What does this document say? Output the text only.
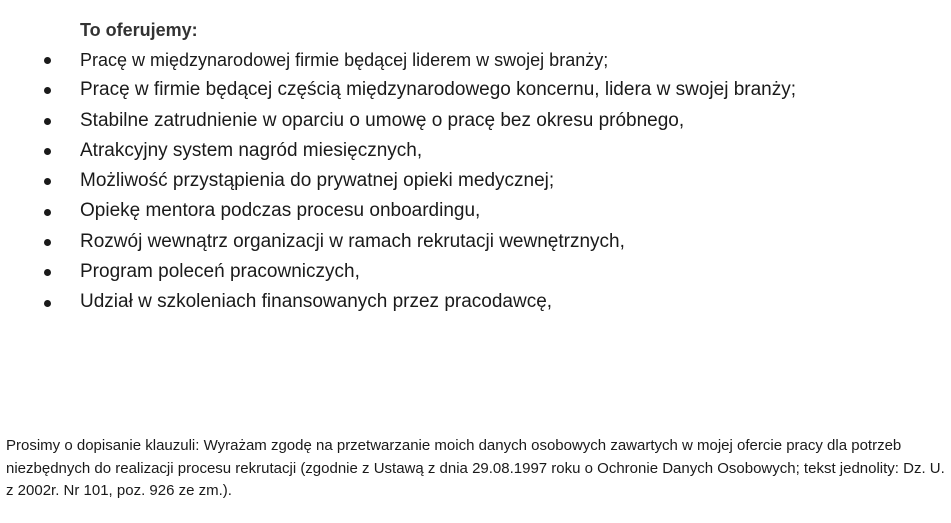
To oferujemy:
Pracę w międzynarodowej firmie będącej liderem w swojej branży;
Pracę w firmie będącej częścią międzynarodowego koncernu, lidera w swojej branży;
Stabilne zatrudnienie w oparciu o umowę o pracę bez okresu próbnego,
Atrakcyjny system nagród miesięcznych,
Możliwość przystąpienia do prywatnej opieki medycznej;
Opiekę mentora podczas procesu onboardingu,
Rozwój wewnątrz organizacji w ramach rekrutacji wewnętrznych,
Program poleceń pracowniczych,
Udział w szkoleniach finansowanych przez pracodawcę,

Prosimy o dopisanie klauzuli: Wyrażam zgodę na przetwarzanie moich danych osobowych zawartych w mojej ofercie pracy dla potrzeb niezbędnych do realizacji procesu rekrutacji (zgodnie z Ustawą z dnia 29.08.1997 roku o Ochronie Danych Osobowych; tekst jednolity: Dz. U. z 2002r. Nr 101, poz. 926 ze zm.).
